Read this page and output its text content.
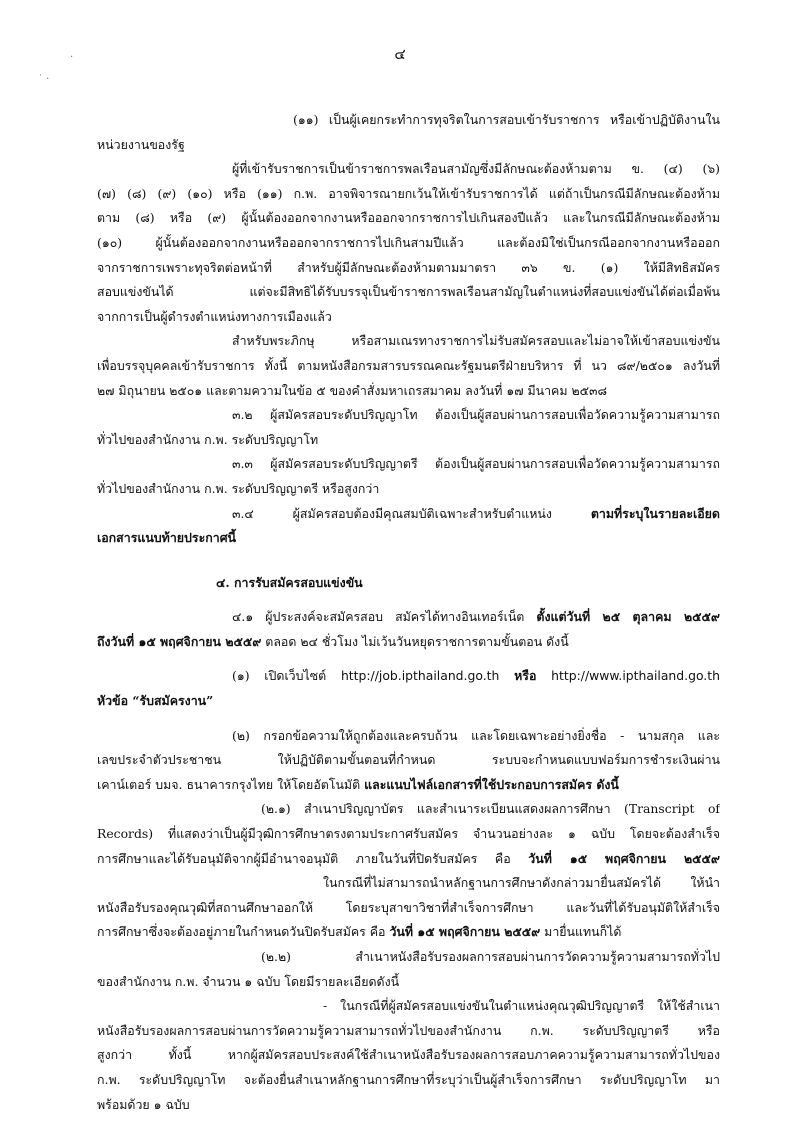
·
˙ ·
๔

(๑๑) เป็นผู้เคยกระทำการทุจริตในการสอบเข้ารับราชการ หรือเข้าปฏิบัติงานใน

หน่วยงานของรัฐ

ผู้ที่เข้ารับราชการเป็นข้าราชการพลเรือนสามัญซึ่งมีลักษณะต้องห้ามตาม ข. (๔) (๖)

(๗) (๘) (๙) (๑๐) หรือ (๑๑) ก.พ. อาจพิจารณายกเว้นให้เข้ารับราชการได้ แต่ถ้าเป็นกรณีมีลักษณะต้องห้าม

ตาม (๘) หรือ (๙) ผู้นั้นต้องออกจากงานหรือออกจากราชการไปเกินสองปีแล้ว และในกรณีมีลักษณะต้องห้าม

(๑๐) ผู้นั้นต้องออกจากงานหรือออกจากราชการไปเกินสามปีแล้ว และต้องมิใช่เป็นกรณีออกจากงานหรือออก

จากราชการเพราะทุจริตต่อหน้าที่ สำหรับผู้มีลักษณะต้องห้ามตามมาตรา ๓๖ ข. (๑) ให้มีสิทธิสมัคร

สอบแข่งขันได้ แต่จะมีสิทธิได้รับบรรจุเป็นข้าราชการพลเรือนสามัญในตำแหน่งที่สอบแข่งขันได้ต่อเมื่อพ้น

จากการเป็นผู้ดำรงตำแหน่งทางการเมืองแล้ว

สำหรับพระภิกษุ หรือสามเณรทางราชการไม่รับสมัครสอบและไม่อาจให้เข้าสอบแข่งขัน

เพื่อบรรจุบุคคลเข้ารับราชการ ทั้งนี้ ตามหนังสือกรมสารบรรณคณะรัฐมนตรีฝ่ายบริหาร ที่ นว ๘๙/๒๕๐๑ ลงวันที่

๒๗ มิถุนายน ๒๕๐๑ และตามความในข้อ ๕ ของคำสั่งมหาเถรสมาคม ลงวันที่ ๑๗ มีนาคม ๒๕๓๘

๓.๒ ผู้สมัครสอบระดับปริญญาโท ต้องเป็นผู้สอบผ่านการสอบเพื่อวัดความรู้ความสามารถ

ทั่วไปของสำนักงาน ก.พ. ระดับปริญญาโท

๓.๓ ผู้สมัครสอบระดับปริญญาตรี ต้องเป็นผู้สอบผ่านการสอบเพื่อวัดความรู้ความสามารถ

ทั่วไปของสำนักงาน ก.พ. ระดับปริญญาตรี หรือสูงกว่า

๓.๔ ผู้สมัครสอบต้องมีคุณสมบัติเฉพาะสำหรับตำแหน่ง	ตามที่ระบุในรายละเอียด

เอกสารแนบท้ายประกาศนี้

๔. การรับสมัครสอบแข่งขัน

๔.๑ ผู้ประสงค์จะสมัครสอบ สมัครได้ทางอินเทอร์เน็ต ตั้งแต่วันที่ ๒๕ ตุลาคม ๒๕๕๙

ถึงวันที่ ๑๕ พฤศจิกายน ๒๕๕๙ ตลอด ๒๔ ชั่วโมง ไม่เว้นวันหยุดราชการตามขั้นตอน ดังนี้

(๑) เปิดเว็บไซต์ http://job.ipthailand.go.th หรือ http://www.ipthailand.go.th

หัวข้อ “รับสมัครงาน”

(๒) กรอกข้อความให้ถูกต้องและครบถ้วน และโดยเฉพาะอย่างยิ่งชื่อ - นามสกุล และ

เลขประจำตัวประชาชน ให้ปฏิบัติตามขั้นตอนที่กำหนด ระบบจะกำหนดแบบฟอร์มการชำระเงินผ่าน

เคาน์เตอร์ บมจ. ธนาคารกรุงไทย ให้โดยอัตโนมัติ และแนบไฟล์เอกสารที่ใช้ประกอบการสมัคร ดังนี้

(๒.๑) สำเนาปริญญาบัตร และสำเนาระเบียนแสดงผลการศึกษา (Transcript of

Records) ที่แสดงว่าเป็นผู้มีวุฒิการศึกษาตรงตามประกาศรับสมัคร จำนวนอย่างละ ๑ ฉบับ โดยจะต้องสำเร็จ

การศึกษาและได้รับอนุมัติจากผู้มีอำนาจอนุมัติ ภายในวันที่ปิดรับสมัคร คือ วันที่ ๑๕ พฤศจิกายน ๒๕๕๙

ในกรณีที่ไม่สามารถนำหลักฐานการศึกษาดังกล่าวมายื่นสมัครได้ ให้นำ

หนังสือรับรองคุณวุฒิที่สถานศึกษาออกให้ โดยระบุสาขาวิชาที่สำเร็จการศึกษา และวันที่ได้รับอนุมัติให้สำเร็จ

การศึกษาซึ่งจะต้องอยู่ภายในกำหนดวันปิดรับสมัคร คือ วันที่ ๑๕ พฤศจิกายน ๒๕๕๙ มายื่นแทนก็ได้

(๒.๒) สำเนาหนังสือรับรองผลการสอบผ่านการวัดความรู้ความสามารถทั่วไป

ของสำนักงาน ก.พ. จำนวน ๑ ฉบับ โดยมีรายละเอียดดังนี้

- ในกรณีที่ผู้สมัครสอบแข่งขันในตำแหน่งคุณวุฒิปริญญาตรี ให้ใช้สำเนา

หนังสือรับรองผลการสอบผ่านการวัดความรู้ความสามารถทั่วไปของสำนักงาน ก.พ. ระดับปริญญาตรี หรือ

สูงกว่า ทั้งนี้ หากผู้สมัครสอบประสงค์ใช้สำเนาหนังสือรับรองผลการสอบภาคความรู้ความสามารถทั่วไปของ

ก.พ. ระดับปริญญาโท จะต้องยื่นสำเนาหลักฐานการศึกษาที่ระบุว่าเป็นผู้สำเร็จการศึกษา ระดับปริญญาโท มา

พร้อมด้วย ๑ ฉบับ
